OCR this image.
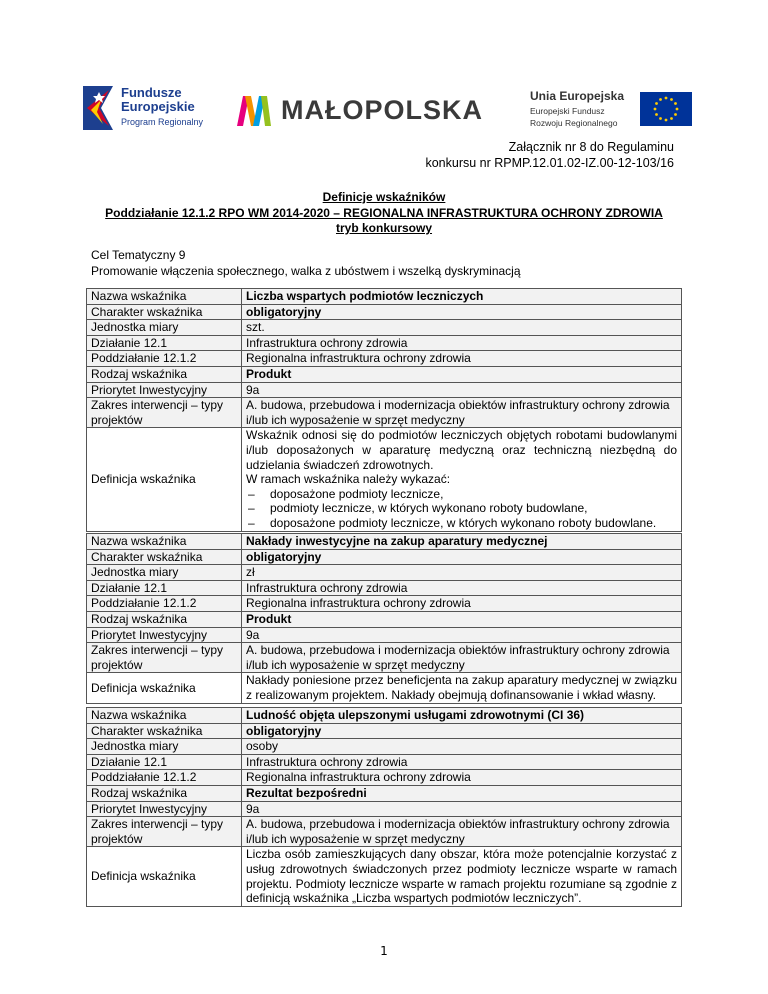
Fundusze
Europejskie
Program Regionalny	MAŁOPOLSKA	Unia Europejska
Europejski Fundusz
Rozwoju Regionalnego
Załącznik nr 8 do Regulaminu
konkursu nr RPMP.12.01.02-IZ.00-12-103/16
Definicje wskaźników
Poddziałanie 12.1.2 RPO WM 2014-2020 – REGIONALNA INFRASTRUKTURA OCHRONY ZDROWIA
tryb konkursowy
Cel Tematyczny 9
Promowanie włączenia społecznego, walka z ubóstwem i wszelką dyskryminacją
Nazwa wskaźnika	Liczba wspartych podmiotów leczniczych
Charakter wskaźnika	obligatoryjny
Jednostka miary	szt.
Działanie 12.1	Infrastruktura ochrony zdrowia
Poddziałanie 12.1.2	Regionalna infrastruktura ochrony zdrowia
Rodzaj wskaźnika	Produkt
Priorytet Inwestycyjny	9a
Zakres interwencji – typy projektów	A. budowa, przebudowa i modernizacja obiektów infrastruktury ochrony zdrowia i/lub ich wyposażenie w sprzęt medyczny
Definicja wskaźnika	Wskaźnik odnosi się do podmiotów leczniczych objętych robotami budowlanymi i/lub doposażonych w aparaturę medyczną oraz techniczną niezbędną do udzielania świadczeń zdrowotnych.
W ramach wskaźnika należy wykazać:
– doposażone podmioty lecznicze,
– podmioty lecznicze, w których wykonano roboty budowlane,
– doposażone podmioty lecznicze, w których wykonano roboty budowlane.
Nazwa wskaźnika	Nakłady inwestycyjne na zakup aparatury medycznej
Charakter wskaźnika	obligatoryjny
Jednostka miary	zł
Działanie 12.1	Infrastruktura ochrony zdrowia
Poddziałanie 12.1.2	Regionalna infrastruktura ochrony zdrowia
Rodzaj wskaźnika	Produkt
Priorytet Inwestycyjny	9a
Zakres interwencji – typy projektów	A. budowa, przebudowa i modernizacja obiektów infrastruktury ochrony zdrowia i/lub ich wyposażenie w sprzęt medyczny
Definicja wskaźnika	Nakłady poniesione przez beneficjenta na zakup aparatury medycznej w związku z realizowanym projektem. Nakłady obejmują dofinansowanie i wkład własny.
Nazwa wskaźnika	Ludność objęta ulepszonymi usługami zdrowotnymi (CI 36)
Charakter wskaźnika	obligatoryjny
Jednostka miary	osoby
Działanie 12.1	Infrastruktura ochrony zdrowia
Poddziałanie 12.1.2	Regionalna infrastruktura ochrony zdrowia
Rodzaj wskaźnika	Rezultat bezpośredni
Priorytet Inwestycyjny	9a
Zakres interwencji – typy projektów	A. budowa, przebudowa i modernizacja obiektów infrastruktury ochrony zdrowia i/lub ich wyposażenie w sprzęt medyczny
Definicja wskaźnika	Liczba osób zamieszkujących dany obszar, która może potencjalnie korzystać z usług zdrowotnych świadczonych przez podmioty lecznicze wsparte w ramach projektu. Podmioty lecznicze wsparte w ramach projektu rozumiane są zgodnie z definicją wskaźnika „Liczba wspartych podmiotów leczniczych”.
1
